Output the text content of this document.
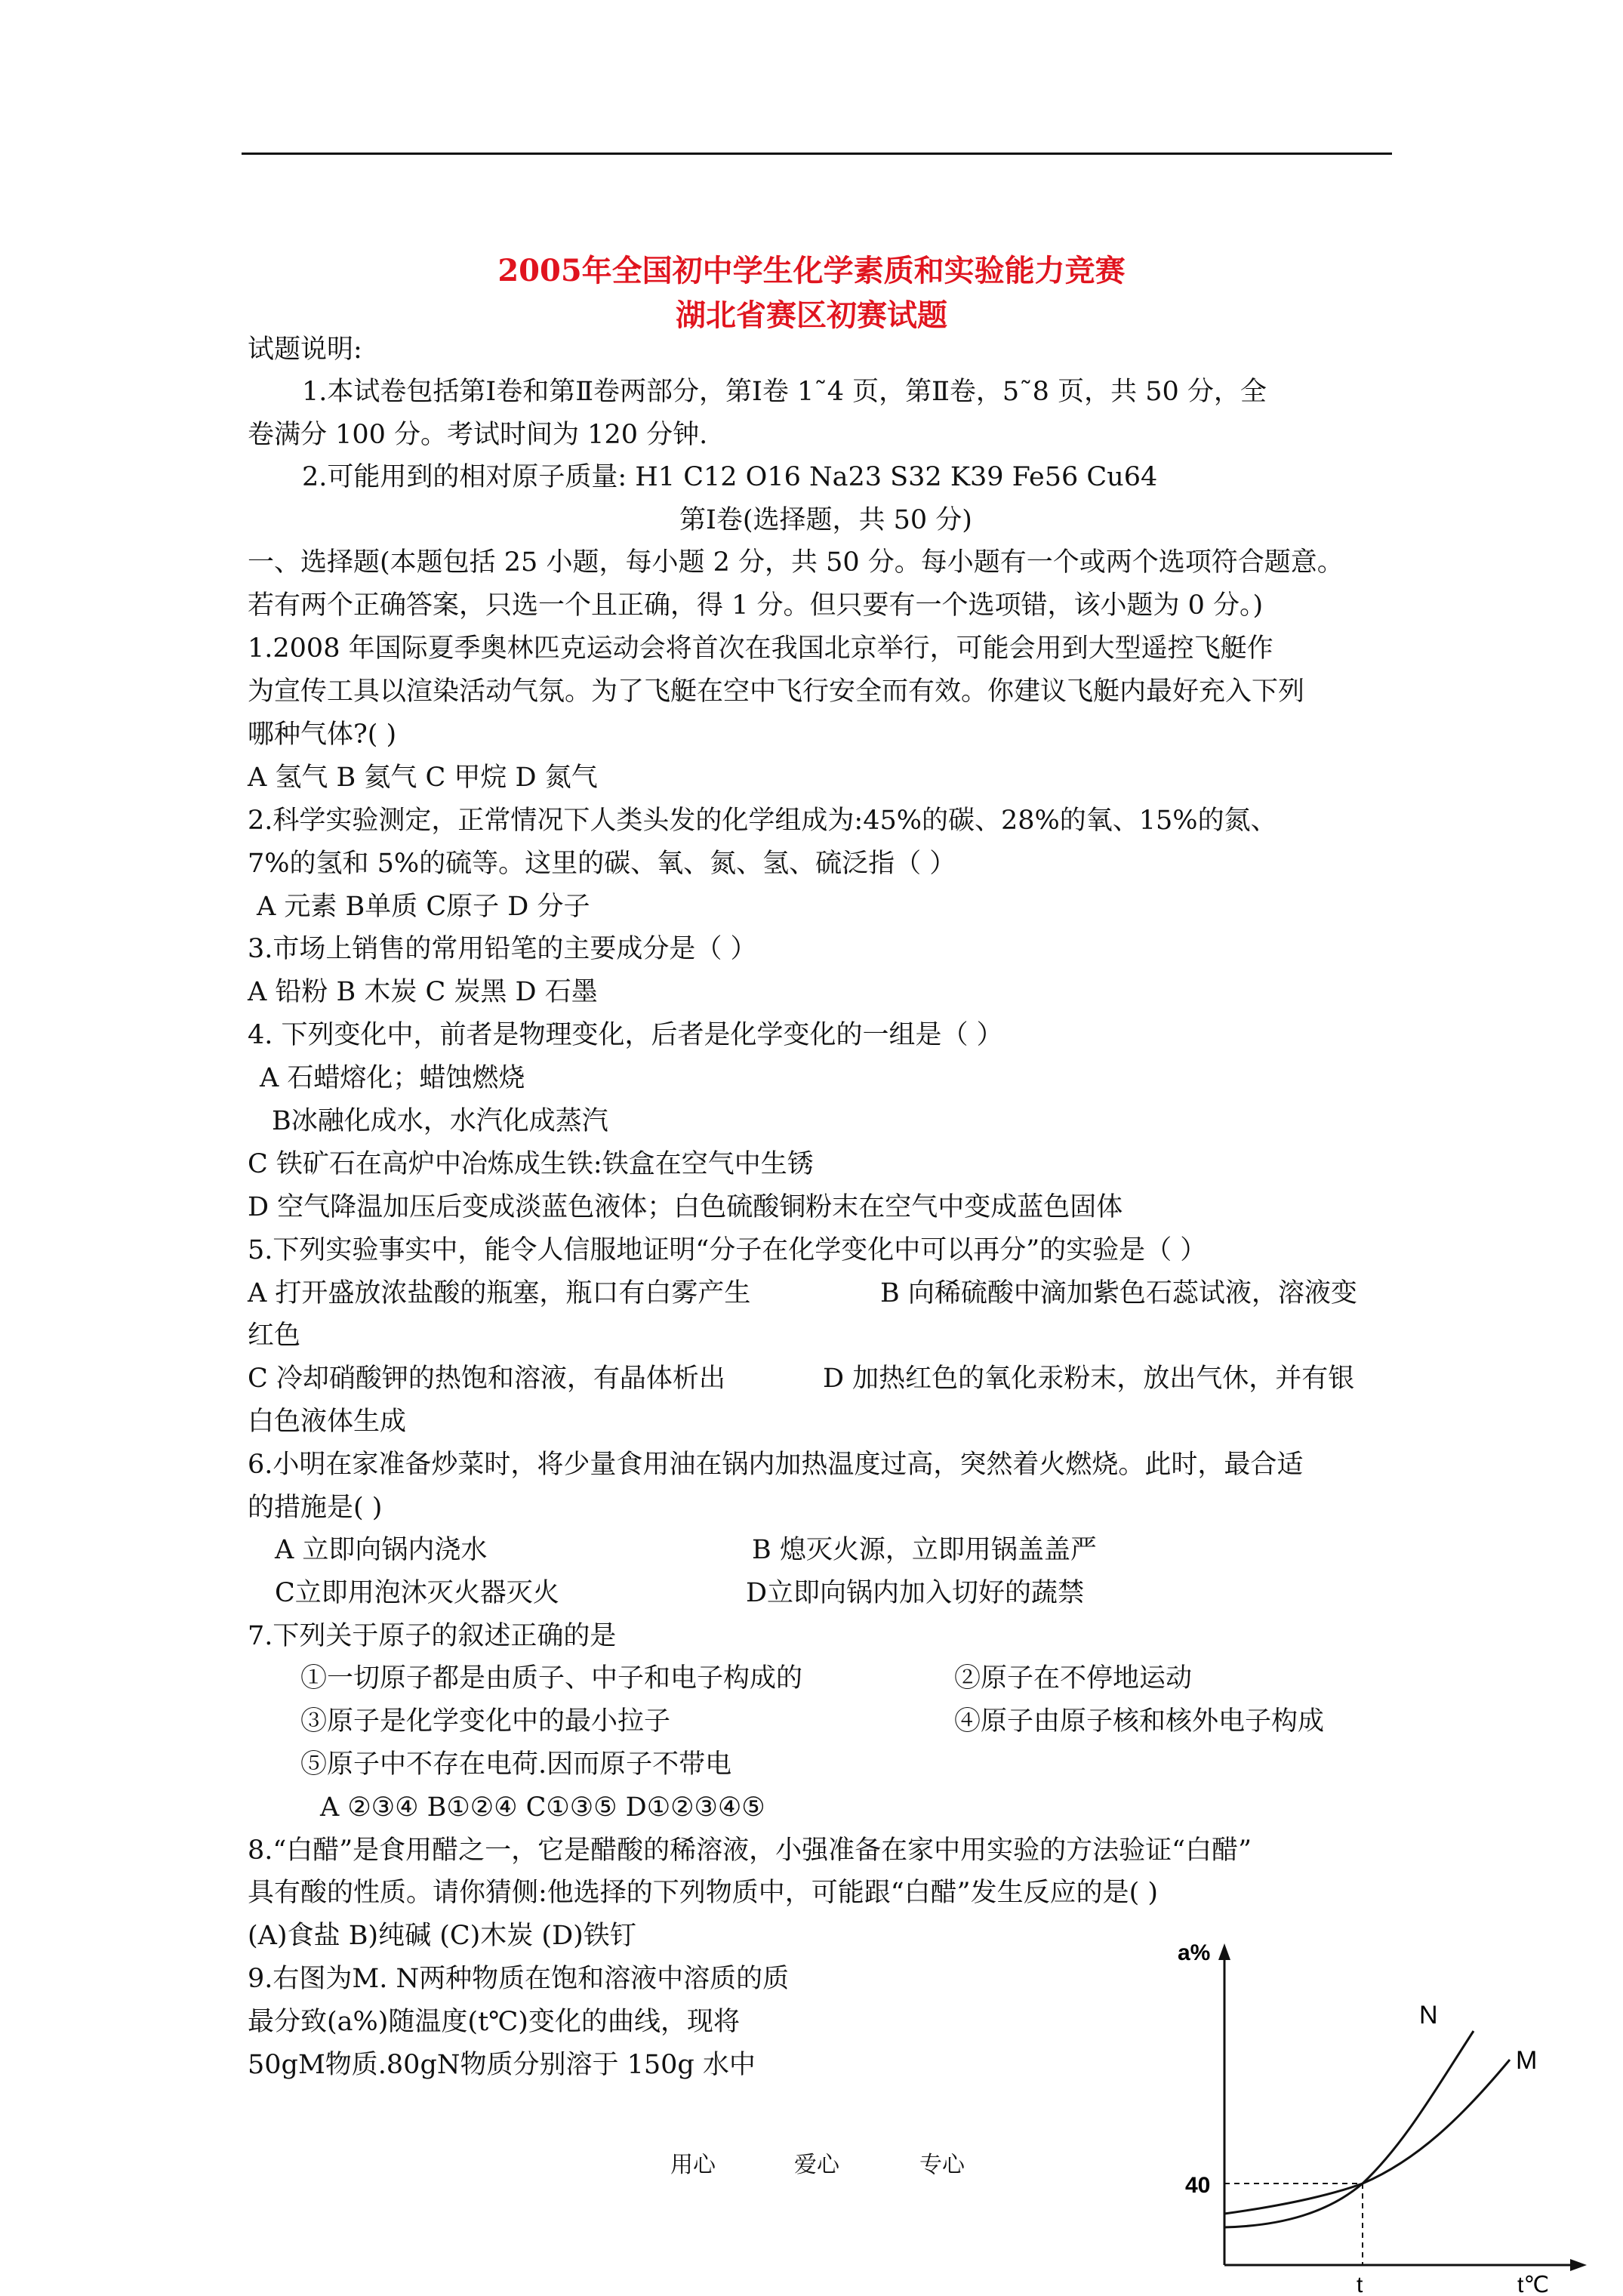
2005年全国初中学生化学素质和实验能力竞赛
湖北省赛区初赛试题
试题说明:
1.本试卷包括第Ⅰ卷和第Ⅱ卷两部分，第Ⅰ卷 1˜4 页，第Ⅱ卷，5˜8 页，共 50 分，全
卷满分 100 分。考试时间为 120 分钟.
2.可能用到的相对原子质量: H1 C12 O16 Na23 S32 K39 Fe56 Cu64
第Ⅰ卷(选择题，共 50 分)
一、选择题(本题包括 25 小题，每小题 2 分，共 50 分。每小题有一个或两个选项符合题意。
若有两个正确答案，只选一个且正确，得 1 分。但只要有一个选项错，该小题为 0 分。)
1.2008 年国际夏季奥林匹克运动会将首次在我国北京举行，可能会用到大型遥控飞艇作
为宣传工具以渲染活动气氛。为了飞艇在空中飞行安全而有效。你建议飞艇内最好充入下列
哪种气体?( )
A 氢气 B 氦气 C 甲烷 D 氮气
2.科学实验测定，正常情况下人类头发的化学组成为:45%的碳、28%的氧、15%的氮、
7%的氢和 5%的硫等。这里的碳、氧、氮、氢、硫泛指（ ）
A 元素 B单质 C原子 D 分子
3.市场上销售的常用铅笔的主要成分是（ ）
A 铅粉 B 木炭 C 炭黑 D 石墨
4. 下列变化中，前者是物理变化，后者是化学变化的一组是（ ）
A 石蜡熔化；蜡蚀燃烧
B冰融化成水，水汽化成蒸汽
C 铁矿石在高炉中冶炼成生铁:铁盒在空气中生锈
D 空气降温加压后变成淡蓝色液体；白色硫酸铜粉末在空气中变成蓝色固体
5.下列实验事实中，能令人信服地证明“分子在化学变化中可以再分”的实验是（ ）
A 打开盛放浓盐酸的瓶塞，瓶口有白雾产生	B 向稀硫酸中滴加紫色石蕊试液，溶液变
红色
C 冷却硝酸钾的热饱和溶液，有晶体析出	D 加热红色的氧化汞粉末，放出气休，并有银
白色液体生成
6.小明在家准备炒菜时，将少量食用油在锅内加热温度过高，突然着火燃烧。此时，最合适
的措施是( )
A 立即向锅内浇水	B 熄灭火源，立即用锅盖盖严
C立即用泡沐灭火器灭火	D立即向锅内加入切好的蔬禁
7.下列关于原子的叙述正确的是
①一切原子都是由质子、中子和电子构成的	②原子在不停地运动
③原子是化学变化中的最小拉子	④原子由原子核和核外电子构成
⑤原子中不存在电荷.因而原子不带电
A ②③④ B①②④ C①③⑤ D①②③④⑤
8.“白醋”是食用醋之一，它是醋酸的稀溶液，小强准备在家中用实验的方法验证“白醋”
具有酸的性质。请你猜侧:他选择的下列物质中，可能跟“白醋”发生反应的是( )
(A)食盐 B)纯碱 (C)木炭 (D)铁钉
9.右图为M. N两种物质在饱和溶液中溶质的质
最分致(a%)随温度(t℃)变化的曲线，现将
50gM物质.80gN物质分别溶于 150g 水中
a%
t℃
40
t
N
M
用心	爱心	专心
